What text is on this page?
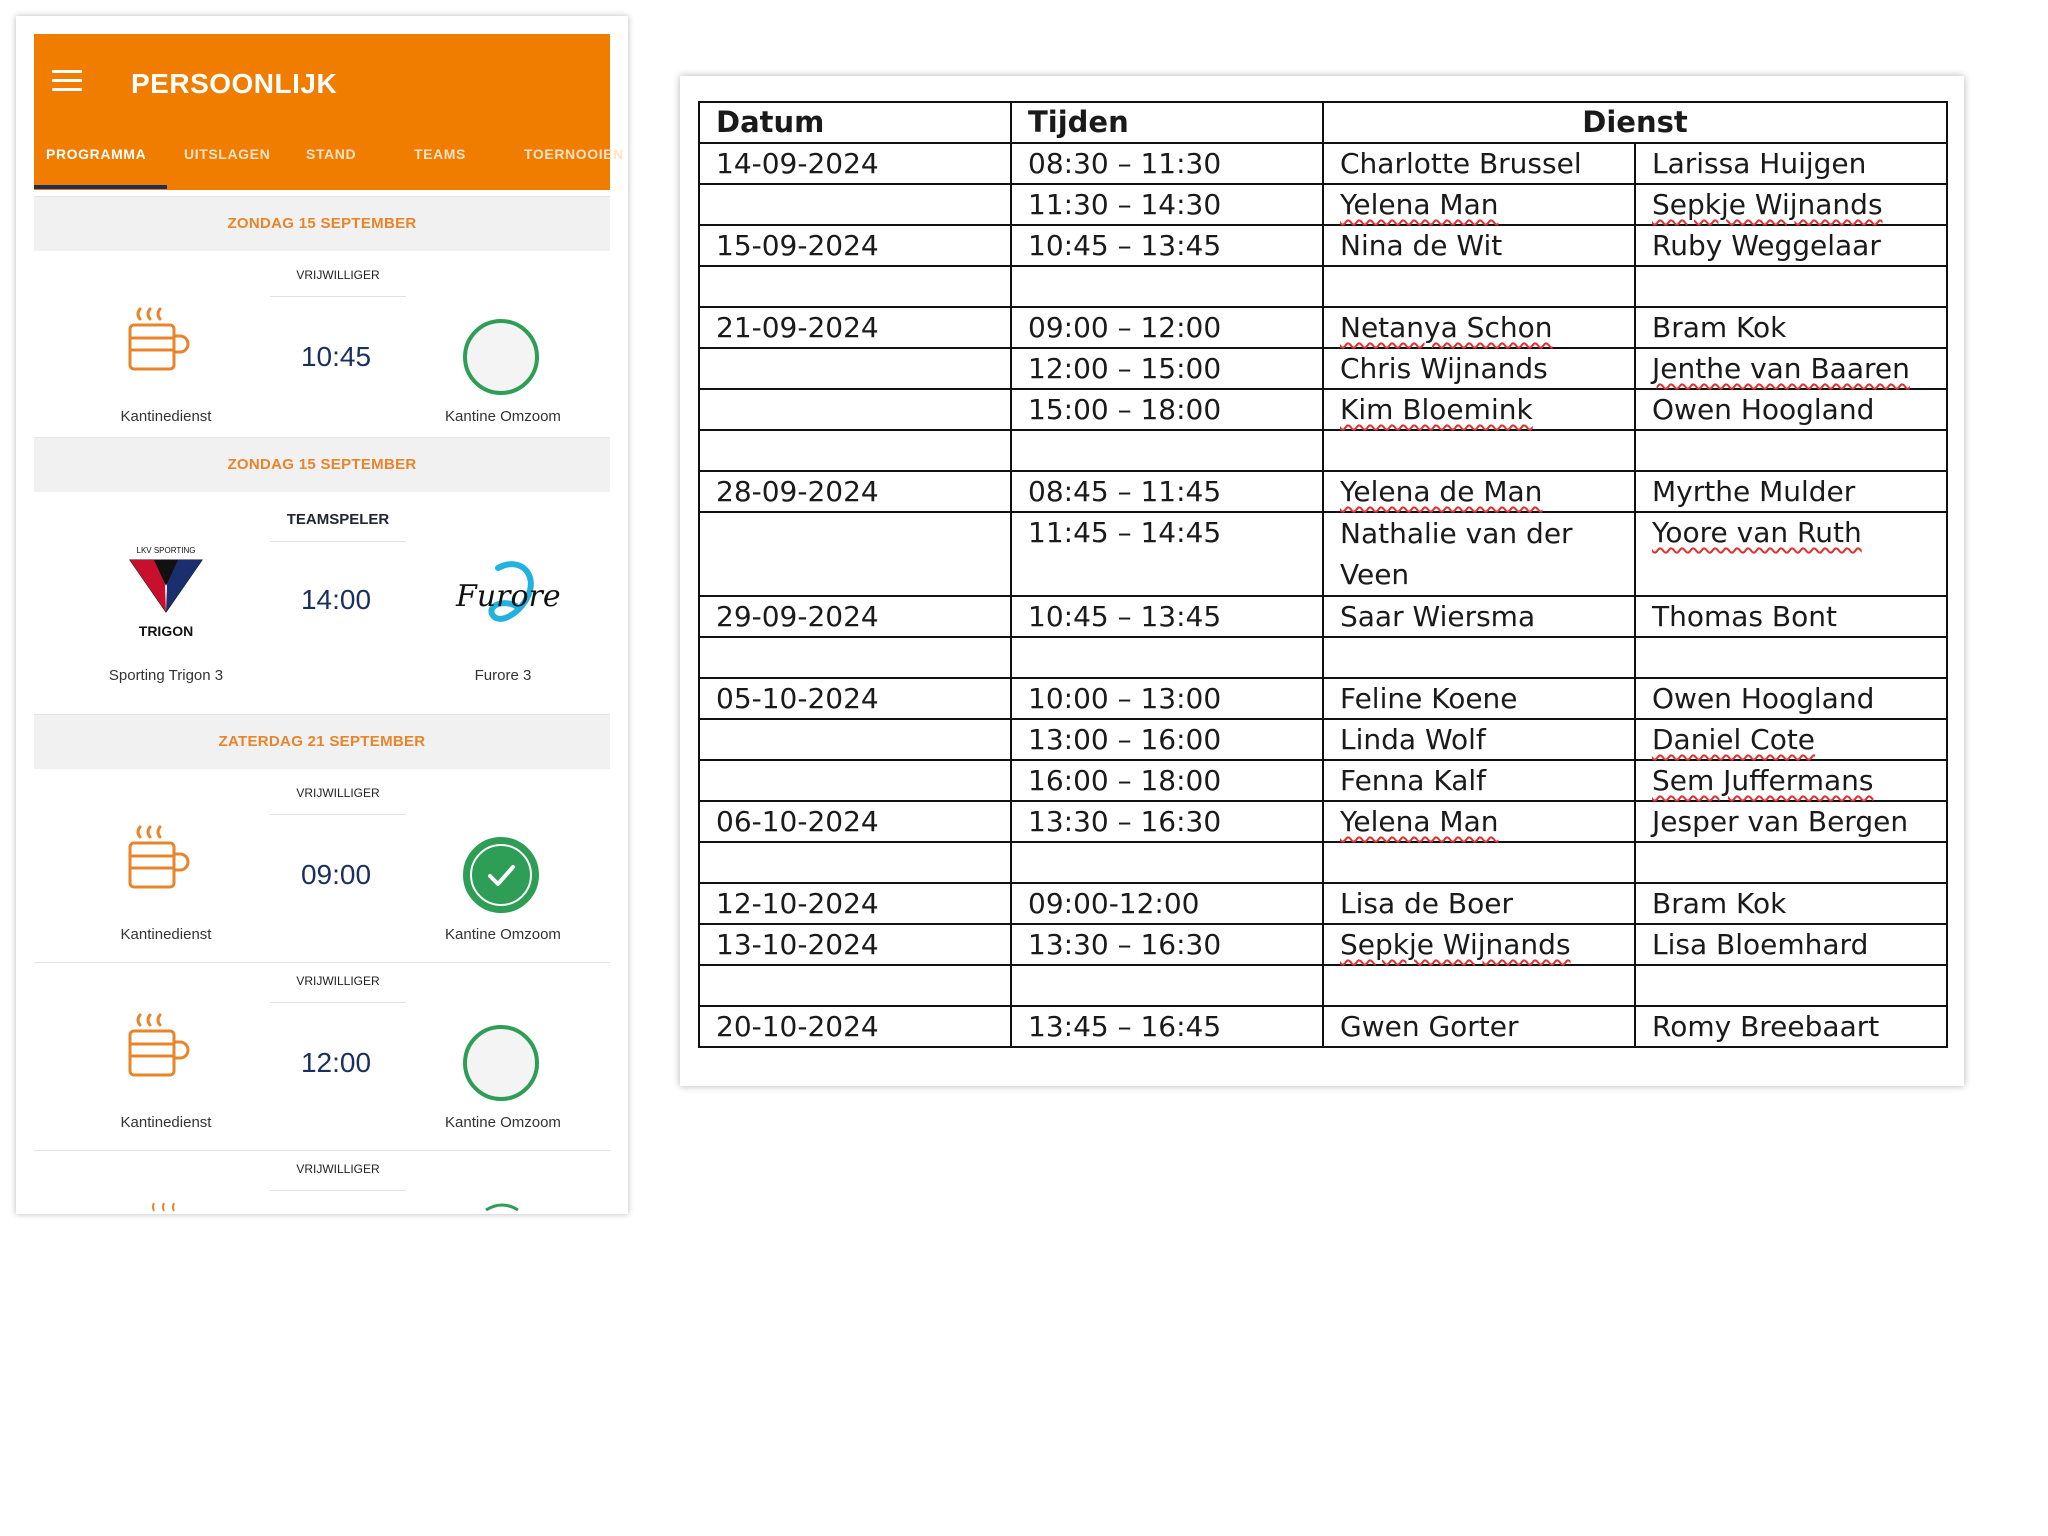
PERSOONLIJK
PROGRAMMA	UITSLAGEN	STAND	TEAMS	TOERNOOIEN
ZONDAG 15 SEPTEMBER
VRIJWILLIGER
10:45
Kantinedienst	Kantine Omzoom
ZONDAG 15 SEPTEMBER
TEAMSPELER
LKV SPORTING
TRIGON
14:00	Furore
Sporting Trigon 3	Furore 3
ZATERDAG 21 SEPTEMBER
VRIJWILLIGER
09:00
Kantinedienst	Kantine Omzoom
VRIJWILLIGER
12:00
Kantinedienst	Kantine Omzoom
VRIJWILLIGER
Datum	Tijden	Dienst	
14-09-2024	08:30 – 11:30	Charlotte Brussel	Larissa Huijgen
	11:30 – 14:30	Yelena Man	Sepkje Wijnands
15-09-2024	10:45 – 13:45	Nina de Wit	Ruby Weggelaar

21-09-2024	09:00 – 12:00	Netanya Schon	Bram Kok
	12:00 – 15:00	Chris Wijnands	Jenthe van Baaren
	15:00 – 18:00	Kim Bloemink	Owen Hoogland

28-09-2024	08:45 – 11:45	Yelena de Man	Myrthe Mulder
	11:45 – 14:45	Nathalie van der Veen	Yoore van Ruth
29-09-2024	10:45 – 13:45	Saar Wiersma	Thomas Bont

05-10-2024	10:00 – 13:00	Feline Koene	Owen Hoogland
	13:00 – 16:00	Linda Wolf	Daniel Cote
	16:00 – 18:00	Fenna Kalf	Sem Juffermans
06-10-2024	13:30 – 16:30	Yelena Man	Jesper van Bergen

12-10-2024	09:00-12:00	Lisa de Boer	Bram Kok
13-10-2024	13:30 – 16:30	Sepkje Wijnands	Lisa Bloemhard

20-10-2024	13:45 – 16:45	Gwen Gorter	Romy Breebaart
